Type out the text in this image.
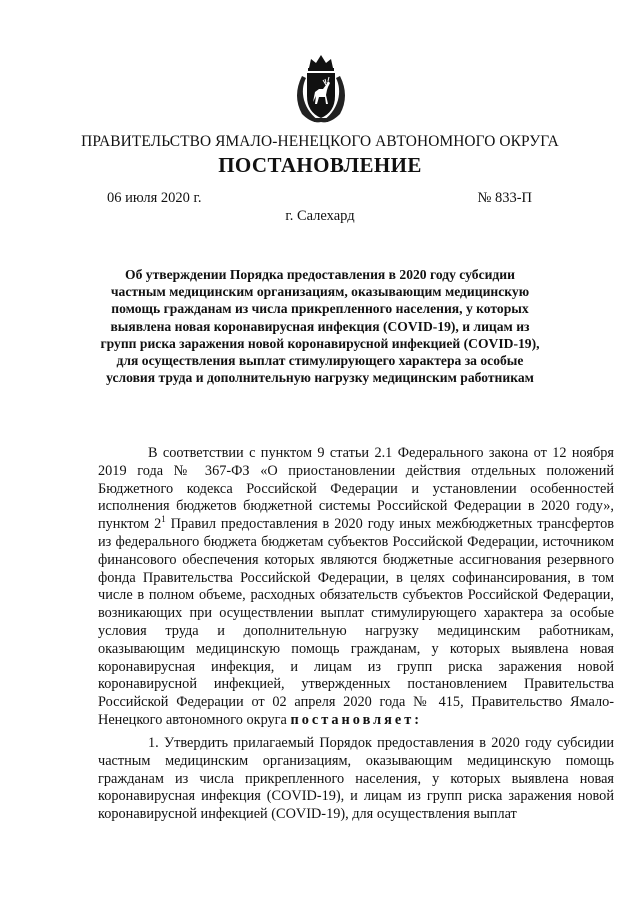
ПРАВИТЕЛЬСТВО ЯМАЛО-НЕНЕЦКОГО АВТОНОМНОГО ОКРУГА
ПОСТАНОВЛЕНИЕ
06 июля 2020 г.	№ 833-П
г. Салехард
Об утверждении Порядка предоставления в 2020 году субсидии частным медицинским организациям, оказывающим медицинскую помощь гражданам из числа прикрепленного населения, у которых выявлена новая коронавирусная инфекция (COVID-19), и лицам из групп риска заражения новой коронавирусной инфекцией (COVID-19), для осуществления выплат стимулирующего характера за особые условия труда и дополнительную нагрузку медицинским работникам

В соответствии с пунктом 9 статьи 2.1 Федерального закона от 12 ноября 2019 года № 367-ФЗ «О приостановлении действия отдельных положений Бюджетного кодекса Российской Федерации и установлении особенностей исполнения бюджетов бюджетной системы Российской Федерации в 2020 году», пунктом $2^1$ Правил предоставления в 2020 году иных межбюджетных трансфертов из федерального бюджета бюджетам субъектов Российской Федерации, источником финансового обеспечения которых являются бюджетные ассигнования резервного фонда Правительства Российской Федерации, в целях софинансирования, в том числе в полном объеме, расходных обязательств субъектов Российской Федерации, возникающих при осуществлении выплат стимулирующего характера за особые условия труда и дополнительную нагрузку медицинским работникам, оказывающим медицинскую помощь гражданам, у которых выявлена новая коронавирусная инфекция, и лицам из групп риска заражения новой коронавирусной инфекцией, утвержденных постановлением Правительства Российской Федерации от 02 апреля 2020 года № 415, Правительство Ямало-Ненецкого автономного округа постановляет:

1. Утвердить прилагаемый Порядок предоставления в 2020 году субсидии частным медицинским организациям, оказывающим медицинскую помощь гражданам из числа прикрепленного населения, у которых выявлена новая коронавирусная инфекция (COVID-19), и лицам из групп риска заражения новой коронавирусной инфекцией (COVID-19), для осуществления выплат
